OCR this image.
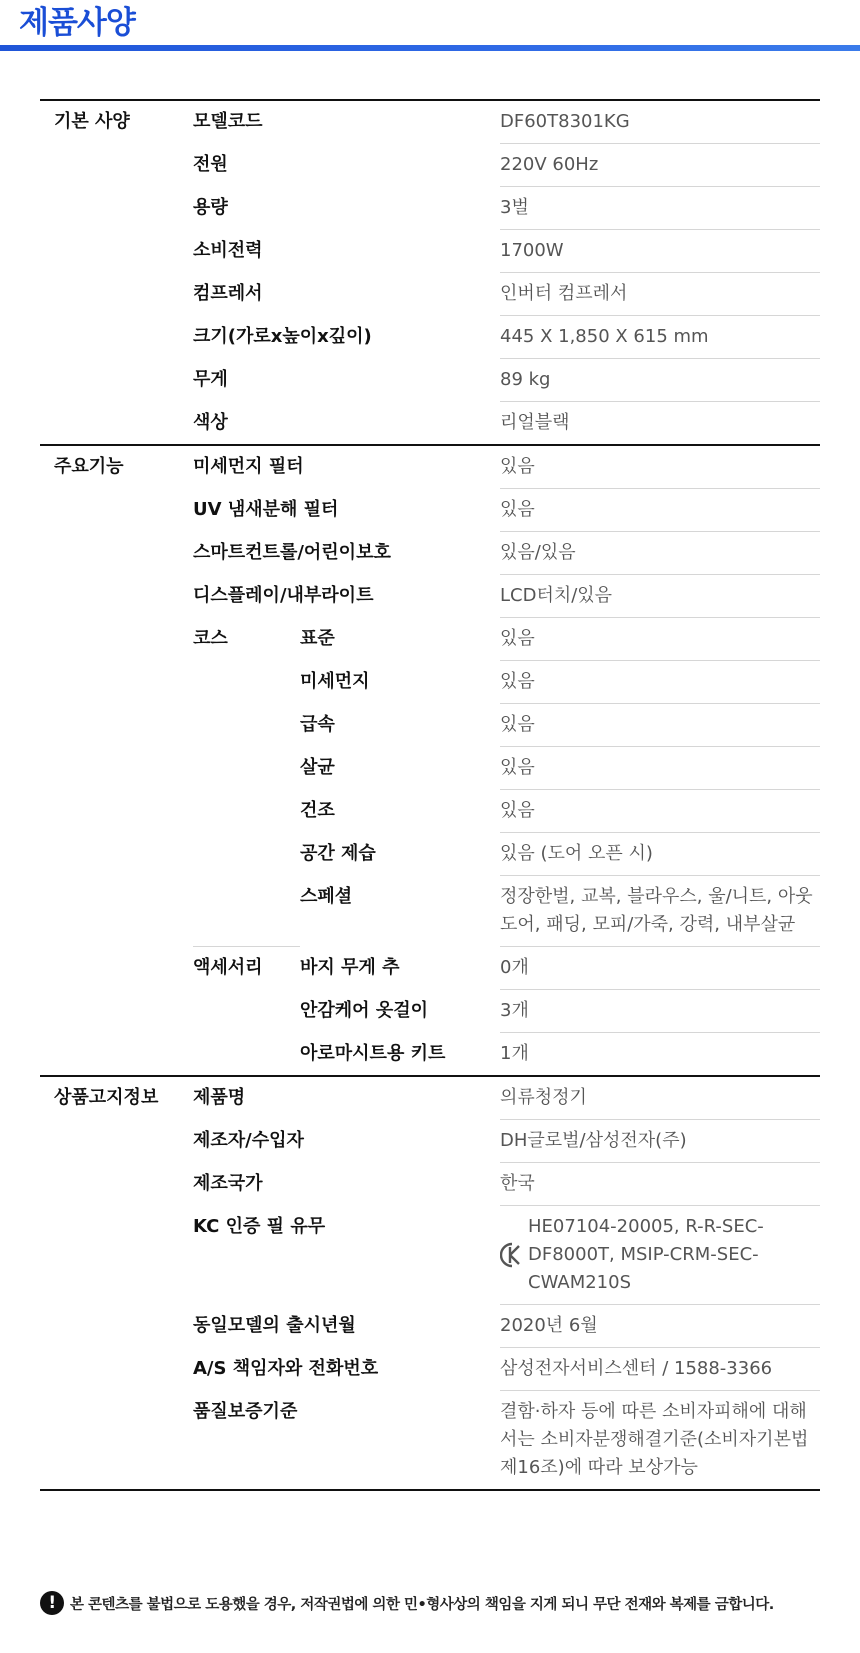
제품사양
기본 사양	모델코드		DF60T8301KG
	전원		220V 60Hz
	용량		3벌
	소비전력		1700W
	컴프레서		인버터 컴프레서
	크기(가로x높이x깊이)		445 X 1,850 X 615 mm
	무게		89 kg
	색상		리얼블랙
주요기능	미세먼지 필터		있음
	UV 냄새분해 필터		있음
	스마트컨트롤/어린이보호		있음/있음
	디스플레이/내부라이트		LCD터치/있음
	코스	표준	있음
		미세먼지	있음
		급속	있음
		살균	있음
		건조	있음
		공간 제습	있음 (도어 오픈 시)
		스페셜	정장한벌, 교복, 블라우스, 울/니트, 아웃도어, 패딩, 모피/가죽, 강력, 내부살균
	액세서리	바지 무게 추	0개
		안감케어 옷걸이	3개
		아로마시트용 키트	1개
상품고지정보	제품명		의류청정기
	제조자/수입자		DH글로벌/삼성전자(주)
	제조국가		한국
	KC 인증 필 유무		HE07104-20005, R-R-SEC-DF8000T, MSIP-CRM-SEC-CWAM210S

	동일모델의 출시년월		2020년 6월
	A/S 책임자와 전화번호		삼성전자서비스센터 / 1588-3366
	품질보증기준		결함·하자 등에 따른 소비자피해에 대해서는 소비자분쟁해결기준(소비자기본법 제16조)에 따라 보상가능
! 본 콘텐츠를 불법으로 도용했을 경우, 저작권법에 의한 민•형사상의 책임을 지게 되니 무단 전재와 복제를 금합니다.
